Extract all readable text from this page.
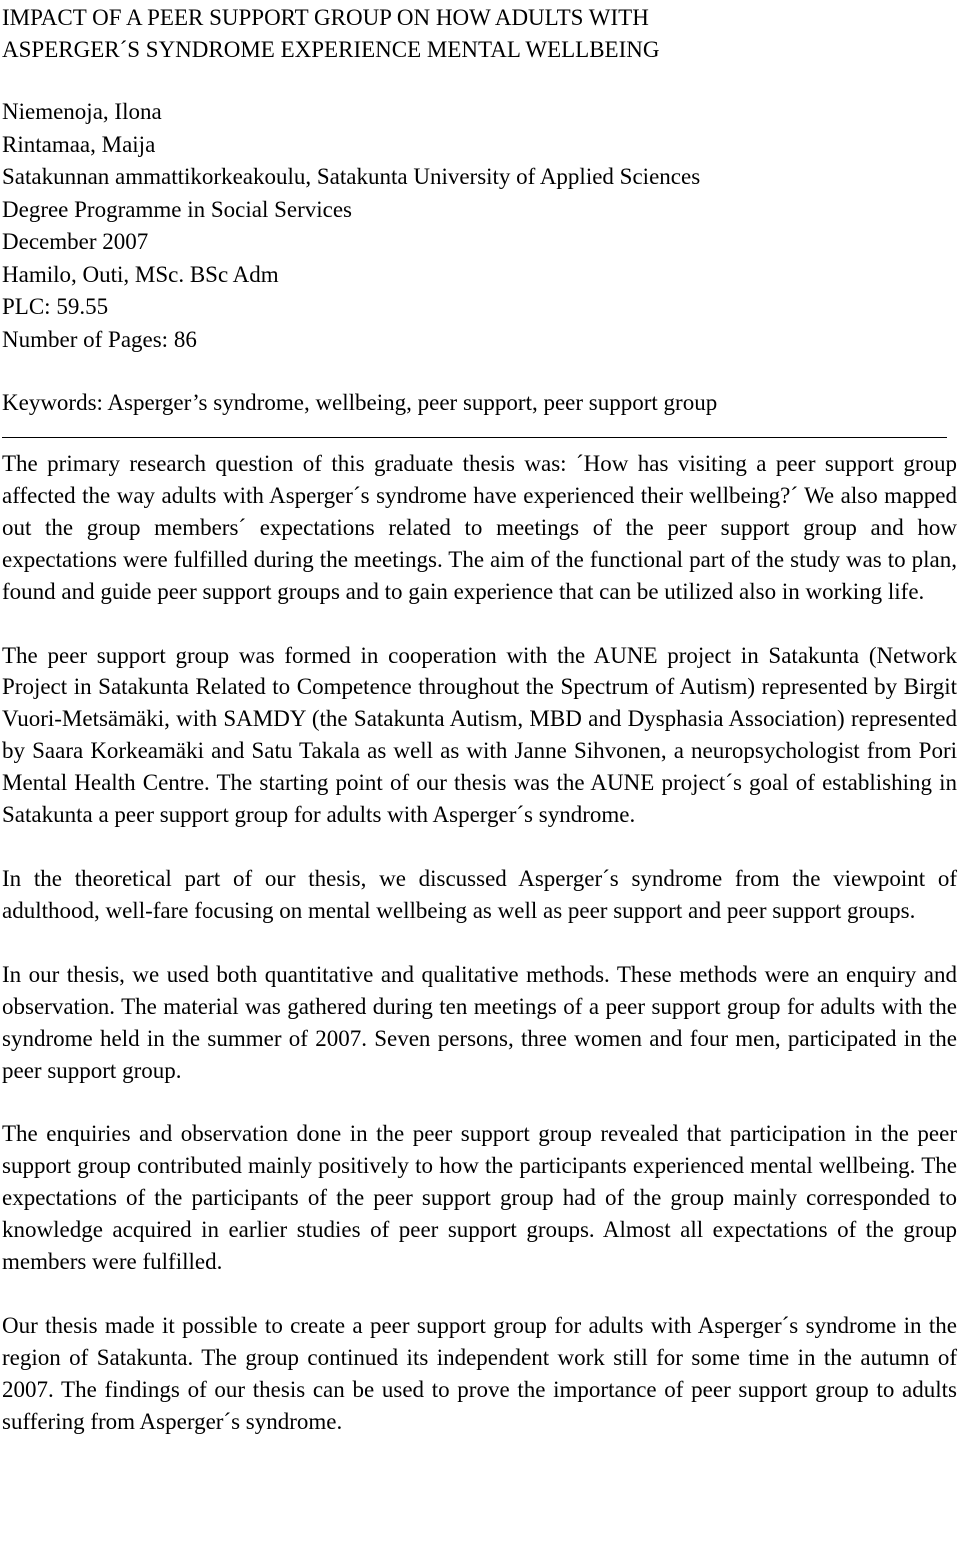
IMPACT OF A PEER SUPPORT GROUP ON HOW ADULTS WITH
ASPERGER´S SYNDROME EXPERIENCE MENTAL WELLBEING
Niemenoja, Ilona
Rintamaa, Maija
Satakunnan ammattikorkeakoulu, Satakunta University of Applied Sciences
Degree Programme in Social Services
December 2007
Hamilo, Outi, MSc. BSc Adm
PLC: 59.55
Number of Pages: 86
Keywords: Asperger’s syndrome, wellbeing, peer support, peer support group

The primary research question of this graduate thesis was: ´How has visiting a peer support group affected the way adults with Asperger´s syndrome have experienced their wellbeing?´ We also mapped out the group members´ expectations related to meetings of the peer support group and how expectations were fulfilled during the meetings. The aim of the functional part of the study was to plan, found and guide peer support groups and to gain experience that can be utilized also in working life.

The peer support group was formed in cooperation with the AUNE project in Satakunta (Network Project in Satakunta Related to Competence throughout the Spectrum of Autism) represented by Birgit Vuori-Metsämäki, with SAMDY (the Satakunta Autism, MBD and Dysphasia Association) represented by Saara Korkeamäki and Satu Takala as well as with Janne Sihvonen, a neuropsychologist from Pori Mental Health Centre. The starting point of our thesis was the AUNE project´s goal of establishing in Satakunta a peer support group for adults with Asperger´s syndrome.

In the theoretical part of our thesis, we discussed Asperger´s syndrome from the viewpoint of adulthood, well-fare focusing on mental wellbeing as well as peer support and peer support groups.

In our thesis, we used both quantitative and qualitative methods. These methods were an enquiry and observation. The material was gathered during ten meetings of a peer support group for adults with the syndrome held in the summer of 2007. Seven persons, three women and four men, participated in the peer support group.

The enquiries and observation done in the peer support group revealed that participation in the peer support group contributed mainly positively to how the participants experienced mental wellbeing. The expectations of the participants of the peer support group had of the group mainly corresponded to knowledge acquired in earlier studies of peer support groups. Almost all expectations of the group members were fulfilled.

Our thesis made it possible to create a peer support group for adults with Asperger´s syndrome in the region of Satakunta. The group continued its independent work still for some time in the autumn of 2007. The findings of our thesis can be used to prove the importance of peer support group to adults suffering from Asperger´s syndrome.
